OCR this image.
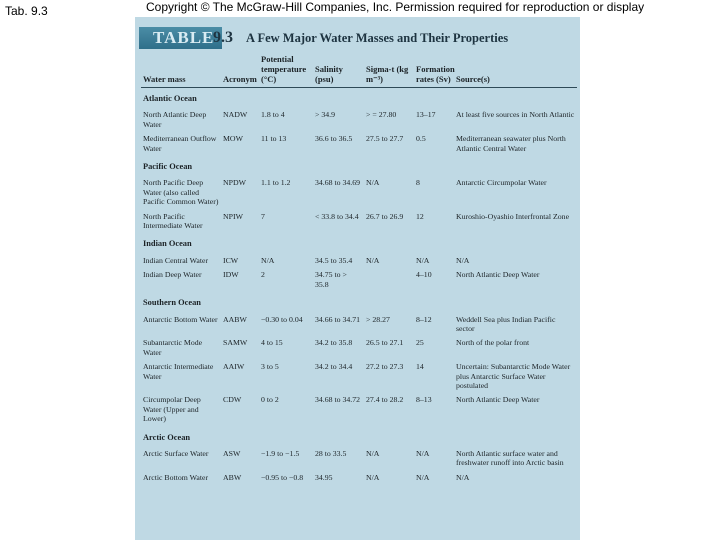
Tab. 9.3	Copyright © The McGraw-Hill Companies, Inc. Permission required for reproduction or display
TABLE
9.3 A Few Major Water Masses and Their Properties
Water mass	Acronym	Potential temperature (°C)	Salinity (psu)	Sigma-t (kg m⁻³)	Formation rates (Sv)	Source(s)
Atlantic Ocean						
North Atlantic Deep Water	NADW	1.8 to 4	> 34.9	> = 27.80	13–17	At least five sources in North Atlantic
Mediterranean Outflow Water	MOW	11 to 13	36.6 to 36.5	27.5 to 27.7	0.5	Mediterranean seawater plus North Atlantic Central Water
Pacific Ocean						
North Pacific Deep Water (also called Pacific Common Water)	NPDW	1.1 to 1.2	34.68 to 34.69	N/A	8	Antarctic Circumpolar Water
North Pacific Intermediate Water	NPIW	7	< 33.8 to 34.4	26.7 to 26.9	12	Kuroshio-Oyashio Interfrontal Zone
Indian Ocean						
Indian Central Water	ICW	N/A	34.5 to 35.4	N/A	N/A	N/A
Indian Deep Water	IDW	2	34.75 to > 35.8		4–10	North Atlantic Deep Water
Southern Ocean						
Antarctic Bottom Water	AABW	−0.30 to 0.04	34.66 to 34.71	> 28.27	8–12	Weddell Sea plus Indian Pacific sector
Subantarctic Mode Water	SAMW	4 to 15	34.2 to 35.8	26.5 to 27.1	25	North of the polar front
Antarctic Intermediate Water	AAIW	3 to 5	34.2 to 34.4	27.2 to 27.3	14	Uncertain: Subantarctic Mode Water plus Antarctic Surface Water postulated
Circumpolar Deep Water (Upper and Lower)	CDW	0 to 2	34.68 to 34.72	27.4 to 28.2	8–13	North Atlantic Deep Water
Arctic Ocean						
Arctic Surface Water	ASW	−1.9 to −1.5	28 to 33.5	N/A	N/A	North Atlantic surface water and freshwater runoff into Arctic basin
Arctic Bottom Water	ABW	−0.95 to −0.8	34.95	N/A	N/A	N/A
